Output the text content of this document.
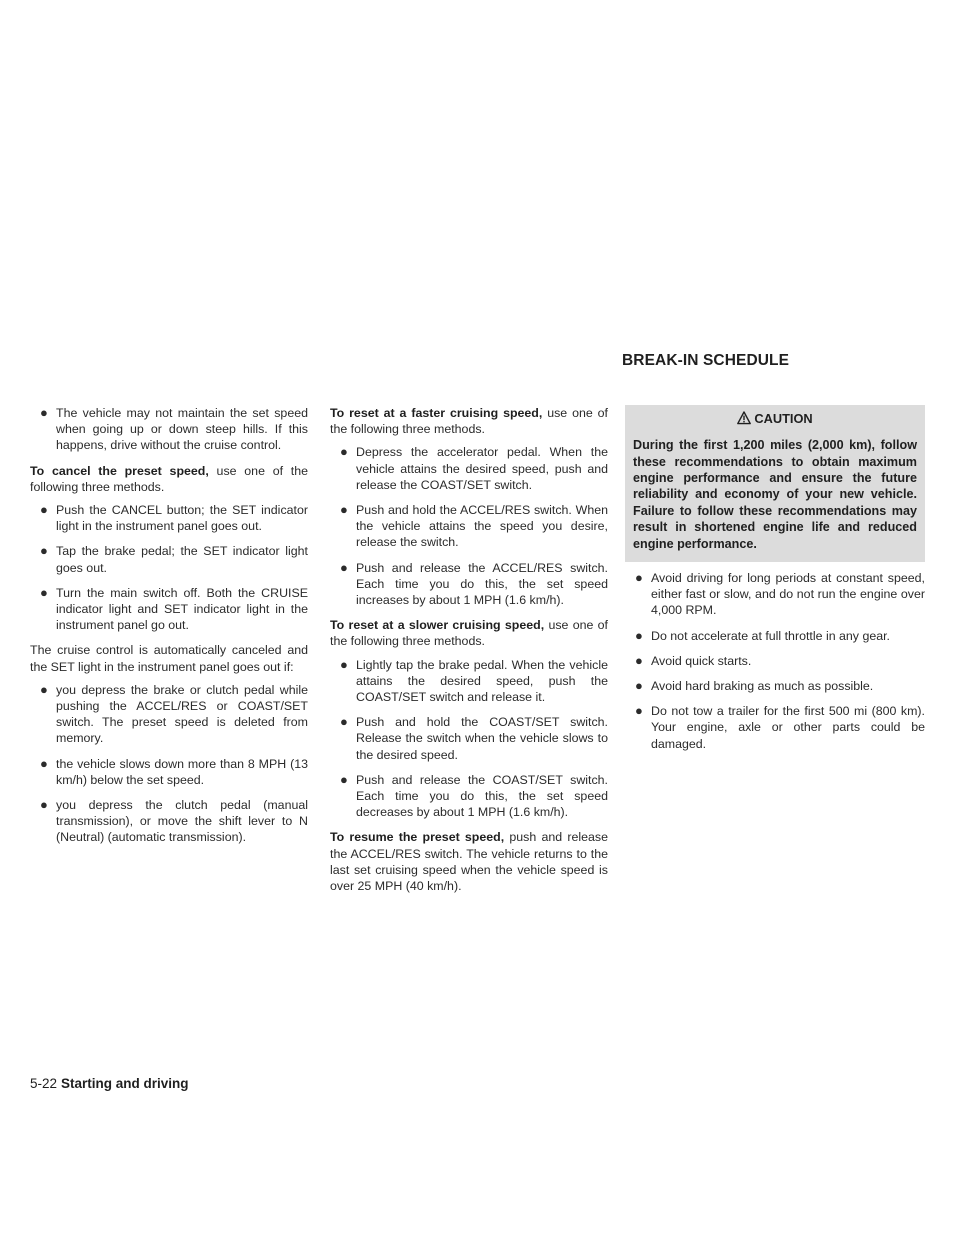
BREAK-IN SCHEDULE
● The vehicle may not maintain the set speed when going up or down steep hills. If this happens, drive without the cruise control.

To cancel the preset speed, use one of the following three methods.

● Push the CANCEL button; the SET indicator light in the instrument panel goes out.
● Tap the brake pedal; the SET indicator light goes out.
● Turn the main switch off. Both the CRUISE indicator light and SET indicator light in the instrument panel go out.

The cruise control is automatically canceled and the SET light in the instrument panel goes out if:

● you depress the brake or clutch pedal while pushing the ACCEL/RES or COAST/SET switch. The preset speed is deleted from memory.
● the vehicle slows down more than 8 MPH (13 km/h) below the set speed.
● you depress the clutch pedal (manual transmission), or move the shift lever to N (Neutral) (automatic transmission).

To reset at a faster cruising speed, use one of the following three methods.

● Depress the accelerator pedal. When the vehicle attains the desired speed, push and release the COAST/SET switch.
● Push and hold the ACCEL/RES switch. When the vehicle attains the speed you desire, release the switch.
● Push and release the ACCEL/RES switch. Each time you do this, the set speed increases by about 1 MPH (1.6 km/h).

To reset at a slower cruising speed, use one of the following three methods.

● Lightly tap the brake pedal. When the vehicle attains the desired speed, push the COAST/SET switch and release it.
● Push and hold the COAST/SET switch. Release the switch when the vehicle slows to the desired speed.
● Push and release the COAST/SET switch. Each time you do this, the set speed decreases by about 1 MPH (1.6 km/h).

To resume the preset speed, push and release the ACCEL/RES switch. The vehicle returns to the last set cruising speed when the vehicle speed is over 25 MPH (40 km/h).

CAUTION

During the first 1,200 miles (2,000 km), follow these recommendations to obtain maximum engine performance and ensure the future reliability and economy of your new vehicle. Failure to follow these recommendations may result in shortened engine life and reduced engine performance.

● Avoid driving for long periods at constant speed, either fast or slow, and do not run the engine over 4,000 RPM.
● Do not accelerate at full throttle in any gear.
● Avoid quick starts.
● Avoid hard braking as much as possible.
● Do not tow a trailer for the first 500 mi (800 km). Your engine, axle or other parts could be damaged.
5-22 Starting and driving
